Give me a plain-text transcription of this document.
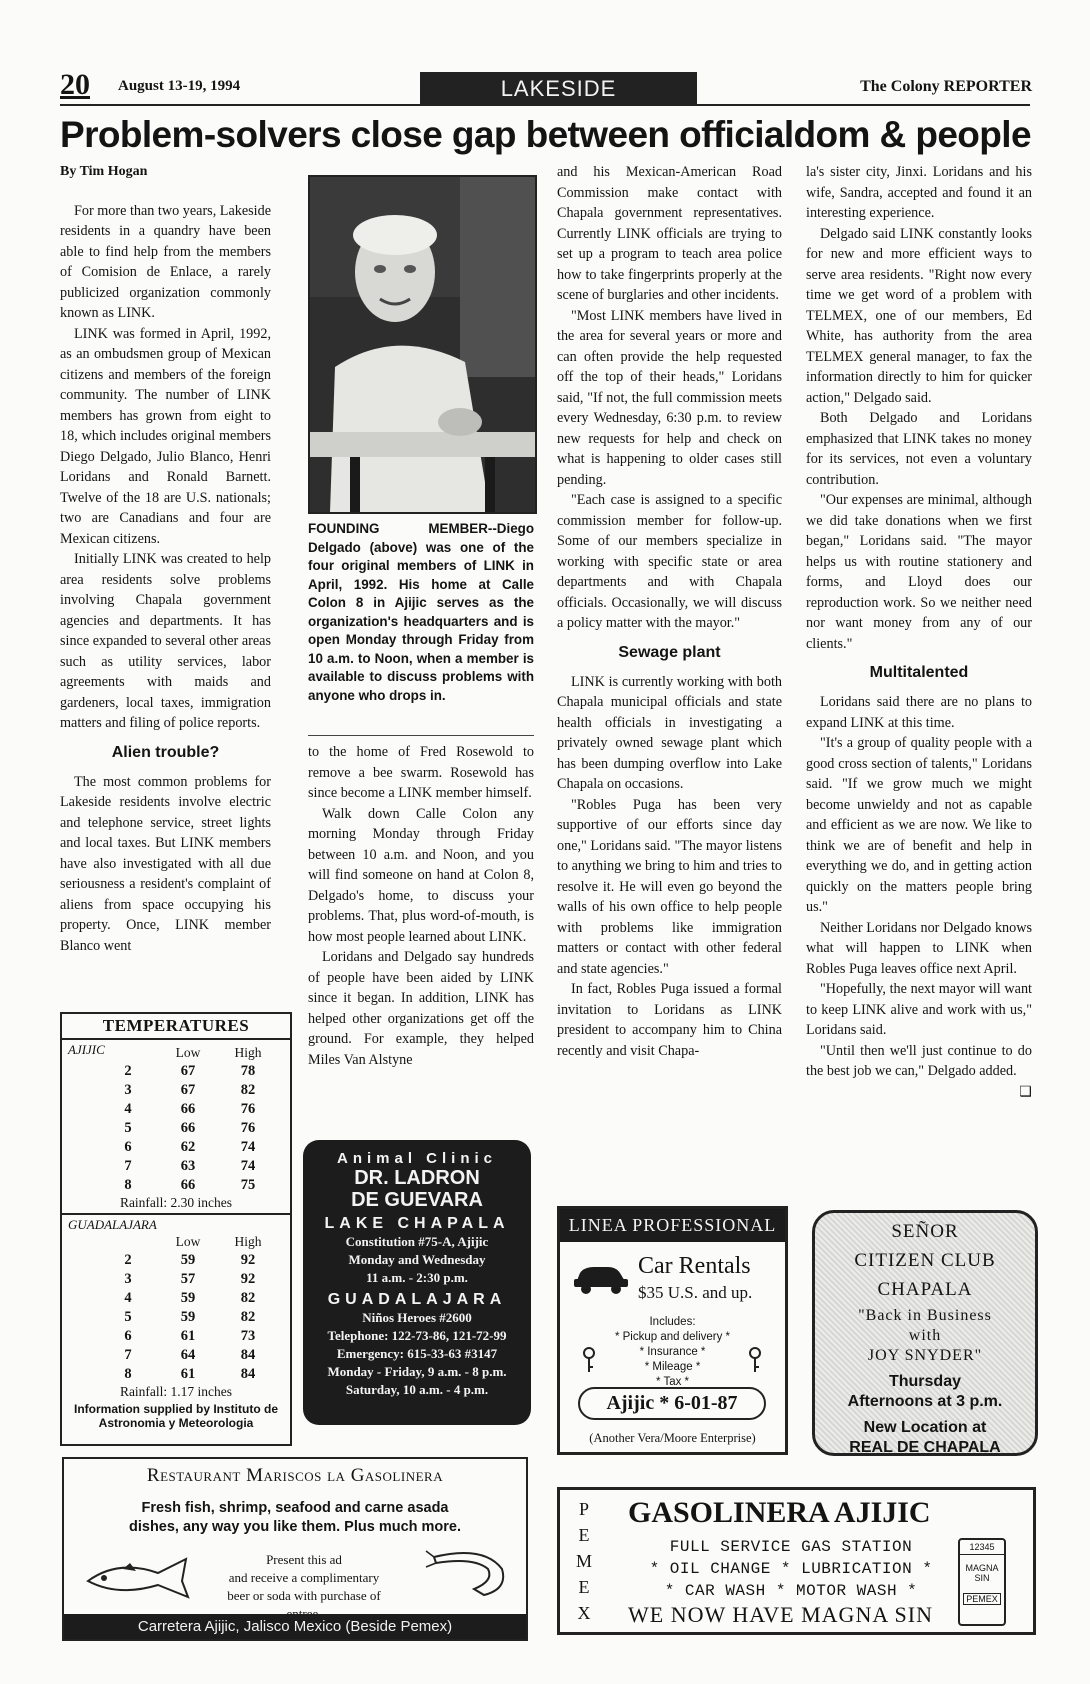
20 August 13-19, 1994	LAKESIDE	The Colony REPORTER
Problem-solvers close gap between officialdom & people

By Tim Hogan

For more than two years, Lakeside residents in a quandry have been able to find help from the members of Comision de Enlace, a rarely publicized organization commonly known as LINK.

LINK was formed in April, 1992, as an ombudsmen group of Mexican citizens and members of the foreign community. The number of LINK members has grown from eight to 18, which includes original members Diego Delgado, Julio Blanco, Henri Loridans and Ronald Barnett. Twelve of the 18 are U.S. nationals; two are Canadians and four are Mexican citizens.

Initially LINK was created to help area residents solve problems involving Chapala government agencies and departments. It has since expanded to several other areas such as utility services, labor agreements with maids and gardeners, local taxes, immigration matters and filing of police reports.

Alien trouble?

The most common problems for Lakeside residents involve electric and telephone service, street lights and local taxes. But LINK members have also investigated with all due seriousness a resident's complaint of aliens from space occupying his property. Once, LINK member Blanco went

FOUNDING MEMBER--Diego Delgado (above) was one of the four original members of LINK in April, 1992. His home at Calle Colon 8 in Ajijic serves as the organization's headquarters and is open Monday through Friday from 10 a.m. to Noon, when a member is available to discuss problems with anyone who drops in.

to the home of Fred Rosewold to remove a bee swarm. Rosewold has since become a LINK member himself.

Walk down Calle Colon any morning Monday through Friday between 10 a.m. and Noon, and you will find someone on hand at Colon 8, Delgado's home, to discuss your problems. That, plus word-of-mouth, is how most people learned about LINK.

Loridans and Delgado say hundreds of people have been aided by LINK since it began. In addition, LINK has helped other organizations get off the ground. For example, they helped Miles Van Alstyne

and his Mexican-American Road Commission make contact with Chapala government representatives. Currently LINK officials are trying to set up a program to teach area police how to take fingerprints properly at the scene of burglaries and other incidents.

"Most LINK members have lived in the area for several years or more and can often provide the help requested off the top of their heads," Loridans said, "If not, the full commission meets every Wednesday, 6:30 p.m. to review new requests for help and check on what is happening to older cases still pending.

"Each case is assigned to a specific commission member for follow-up. Some of our members specialize in working with specific state or area departments and with Chapala officials. Occasionally, we will discuss a policy matter with the mayor."

Sewage plant

LINK is currently working with both Chapala municipal officials and state health officials in investigating a privately owned sewage plant which has been dumping overflow into Lake Chapala on occasions.

"Robles Puga has been very supportive of our efforts since day one," Loridans said. "The mayor listens to anything we bring to him and tries to resolve it. He will even go beyond the walls of his own office to help people with problems like immigration matters or contact with other federal and state agencies."

In fact, Robles Puga issued a formal invitation to Loridans as LINK president to accompany him to China recently and visit Chapa-

la's sister city, Jinxi. Loridans and his wife, Sandra, accepted and found it an interesting experience.

Delgado said LINK constantly looks for new and more efficient ways to serve area residents. "Right now every time we get word of a problem with TELMEX, one of our members, Ed White, has authority from the area TELMEX general manager, to fax the information directly to him for quicker action," Delgado said.

Both Delgado and Loridans emphasized that LINK takes no money for its services, not even a voluntary contribution.

"Our expenses are minimal, although we did take donations when we first began," Loridans said. "The mayor helps us with routine stationery and forms, and Lloyd does our reproduction work. So we neither need nor want money from any of our clients."

Multitalented

Loridans said there are no plans to expand LINK at this time.

"It's a group of quality people with a good cross section of talents," Loridans said. "If we grow much we might become unwieldy and not as capable and efficient as we are now. We like to think we are of benefit and help in everything we do, and in getting action quickly on the matters people bring us."

Neither Loridans nor Delgado knows what will happen to LINK when Robles Puga leaves office next April.

"Hopefully, the next mayor will want to keep LINK alive and work with us," Loridans said.

"Until then we'll just continue to do the best job we can," Delgado added.
❑

TEMPERATURES
AJIJIC
		Low	High
2	67	78
3	67	82
4	66	76
5	66	76
6	62	74
7	63	74
8	66	75
Rainfall: 2.30 inches
GUADALAJARA
	Low	High
2	59	92
3	57	92
4	59	82
5	59	82
6	61	73
7	64	84
8	61	84
Rainfall: 1.17 inches
Information supplied by Instituto de Astronomia y Meteorologia
Animal Clinic
DR. LADRON
DE GUEVARA
LAKE CHAPALA
Constitution #75-A, Ajijic
Monday and Wednesday
11 a.m. - 2:30 p.m.
GUADALAJARA
Niños Heroes #2600
Telephone: 122-73-86, 121-72-99
Emergency: 615-33-63 #3147
Monday - Friday, 9 a.m. - 8 p.m.
Saturday, 10 a.m. - 4 p.m.
LINEA PROFESSIONAL
Car Rentals
$35 U.S. and up.
Includes:
* Pickup and delivery *
* Insurance *
* Mileage *
* Tax *
Ajijic * 6-01-87
(Another Vera/Moore Enterprise)
SEÑOR
CITIZEN CLUB
CHAPALA
"Back in Business
with
JOY SNYDER"
Thursday
Afternoons at 3 p.m.
New Location at
REAL DE CHAPALA
Restaurant Mariscos la Gasolinera
Fresh fish, shrimp, seafood and carne asada
dishes, any way you like them. Plus much more.
Present this ad
and receive a complimentary
beer or soda with purchase of
Carretera Ajijic, Jalisco Mexico (Beside Pemex)
P
E
M
E
X
GASOLINERA AJIJIC
FULL SERVICE GAS STATION
* OIL CHANGE * LUBRICATION *
* CAR WASH * MOTOR WASH *
WE NOW HAVE MAGNA SIN
12345
MAGNA SIN
PEMEX
